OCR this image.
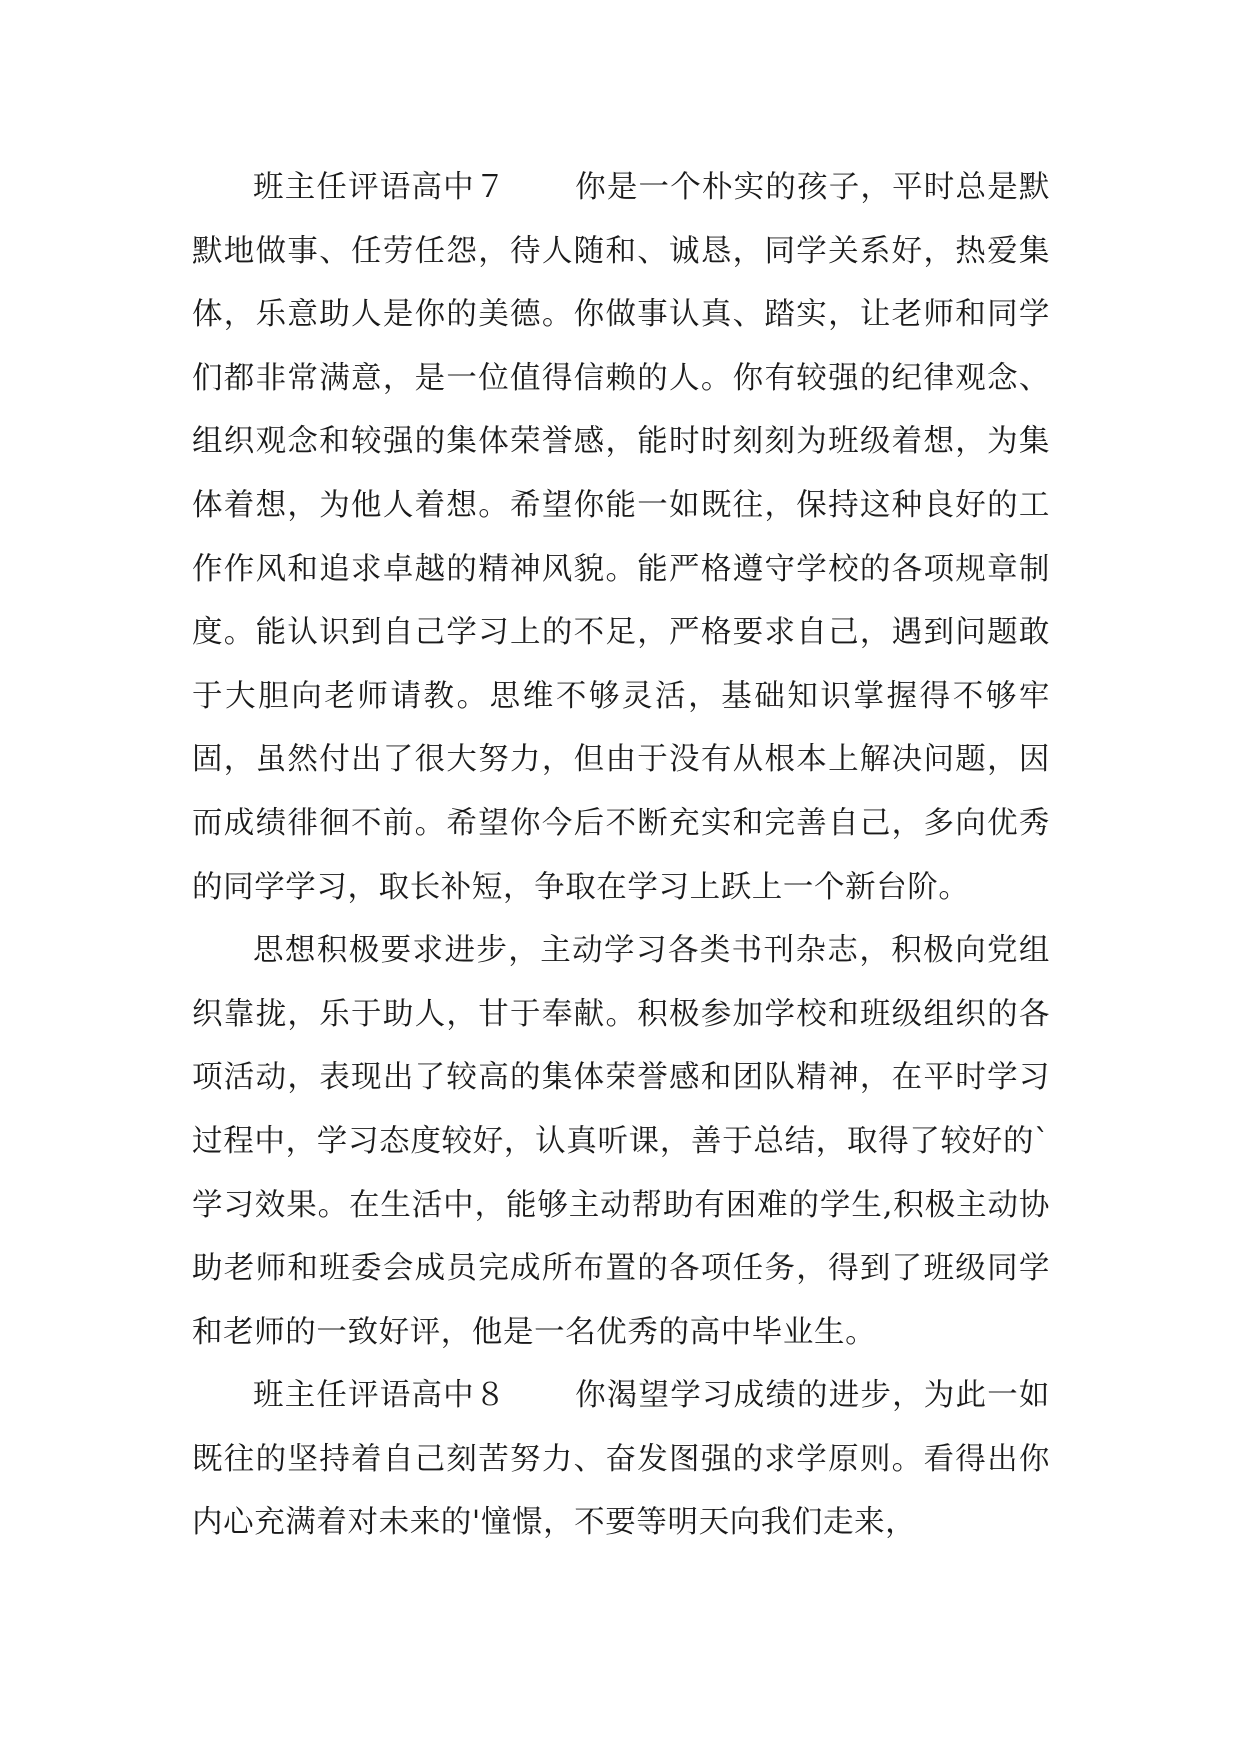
班主任评语高中７ 你是一个朴实的孩子，平时总是默默地做事、任劳任怨，待人随和、诚恳，同学关系好，热爱集体，乐意助人是你的美德。你做事认真、踏实，让老师和同学们都非常满意，是一位值得信赖的人。你有较强的纪律观念、组织观念和较强的集体荣誉感，能时时刻刻为班级着想，为集体着想，为他人着想。希望你能一如既往，保持这种良好的工作作风和追求卓越的精神风貌。能严格遵守学校的各项规章制度。能认识到自己学习上的不足，严格要求自己，遇到问题敢于大胆向老师请教。思维不够灵活，基础知识掌握得不够牢固，虽然付出了很大努力，但由于没有从根本上解决问题，因而成绩徘徊不前。希望你今后不断充实和完善自己，多向优秀的同学学习，取长补短，争取在学习上跃上一个新台阶。

思想积极要求进步，主动学习各类书刊杂志，积极向党组织靠拢，乐于助人，甘于奉献。积极参加学校和班级组织的各项活动，表现出了较高的集体荣誉感和团队精神，在平时学习过程中，学习态度较好，认真听课，善于总结，取得了较好的`学习效果。在生活中，能够主动帮助有困难的学生,积极主动协助老师和班委会成员完成所布置的各项任务，得到了班级同学和老师的一致好评，他是一名优秀的高中毕业生。

班主任评语高中８ 你渴望学习成绩的进步，为此一如既往的坚持着自己刻苦努力、奋发图强的求学原则。看得出你内心充满着对未来的'憧憬，不要等明天向我们走来，
